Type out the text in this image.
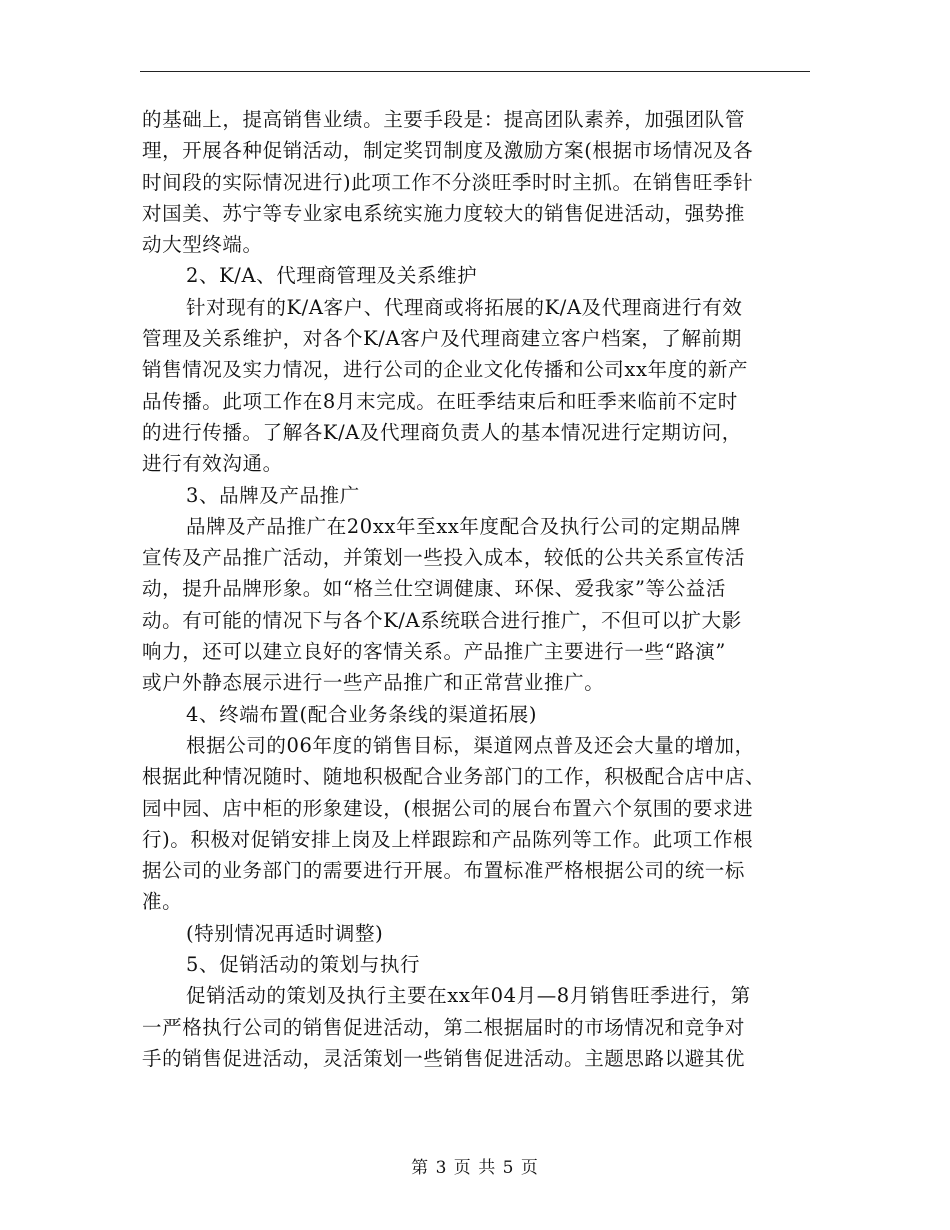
的基础上，提高销售业绩。主要手段是：提高团队素养，加强团队管
理，开展各种促销活动，制定奖罚制度及激励方案(根据市场情况及各
时间段的实际情况进行)此项工作不分淡旺季时时主抓。在销售旺季针
对国美、苏宁等专业家电系统实施力度较大的销售促进活动，强势推
动大型终端。
2、K/A、代理商管理及关系维护
针对现有的K/A客户、代理商或将拓展的K/A及代理商进行有效
管理及关系维护，对各个K/A客户及代理商建立客户档案，了解前期
销售情况及实力情况，进行公司的企业文化传播和公司xx年度的新产
品传播。此项工作在8月末完成。在旺季结束后和旺季来临前不定时
的进行传播。了解各K/A及代理商负责人的基本情况进行定期访问，
进行有效沟通。
3、品牌及产品推广
品牌及产品推广在20xx年至xx年度配合及执行公司的定期品牌
宣传及产品推广活动，并策划一些投入成本，较低的公共关系宣传活
动，提升品牌形象。如“格兰仕空调健康、环保、爱我家”等公益活
动。有可能的情况下与各个K/A系统联合进行推广，不但可以扩大影
响力，还可以建立良好的客情关系。产品推广主要进行一些“路演”
或户外静态展示进行一些产品推广和正常营业推广。
4、终端布置(配合业务条线的渠道拓展)
根据公司的06年度的销售目标，渠道网点普及还会大量的增加，
根据此种情况随时、随地积极配合业务部门的工作，积极配合店中店、
园中园、店中柜的形象建设，(根据公司的展台布置六个氛围的要求进
行)。积极对促销安排上岗及上样跟踪和产品陈列等工作。此项工作根
据公司的业务部门的需要进行开展。布置标准严格根据公司的统一标
准。
(特别情况再适时调整)
5、促销活动的策划与执行
促销活动的策划及执行主要在xx年04月—8月销售旺季进行，第
一严格执行公司的销售促进活动，第二根据届时的市场情况和竞争对
手的销售促进活动，灵活策划一些销售促进活动。主题思路以避其优
第 3 页 共 5 页
